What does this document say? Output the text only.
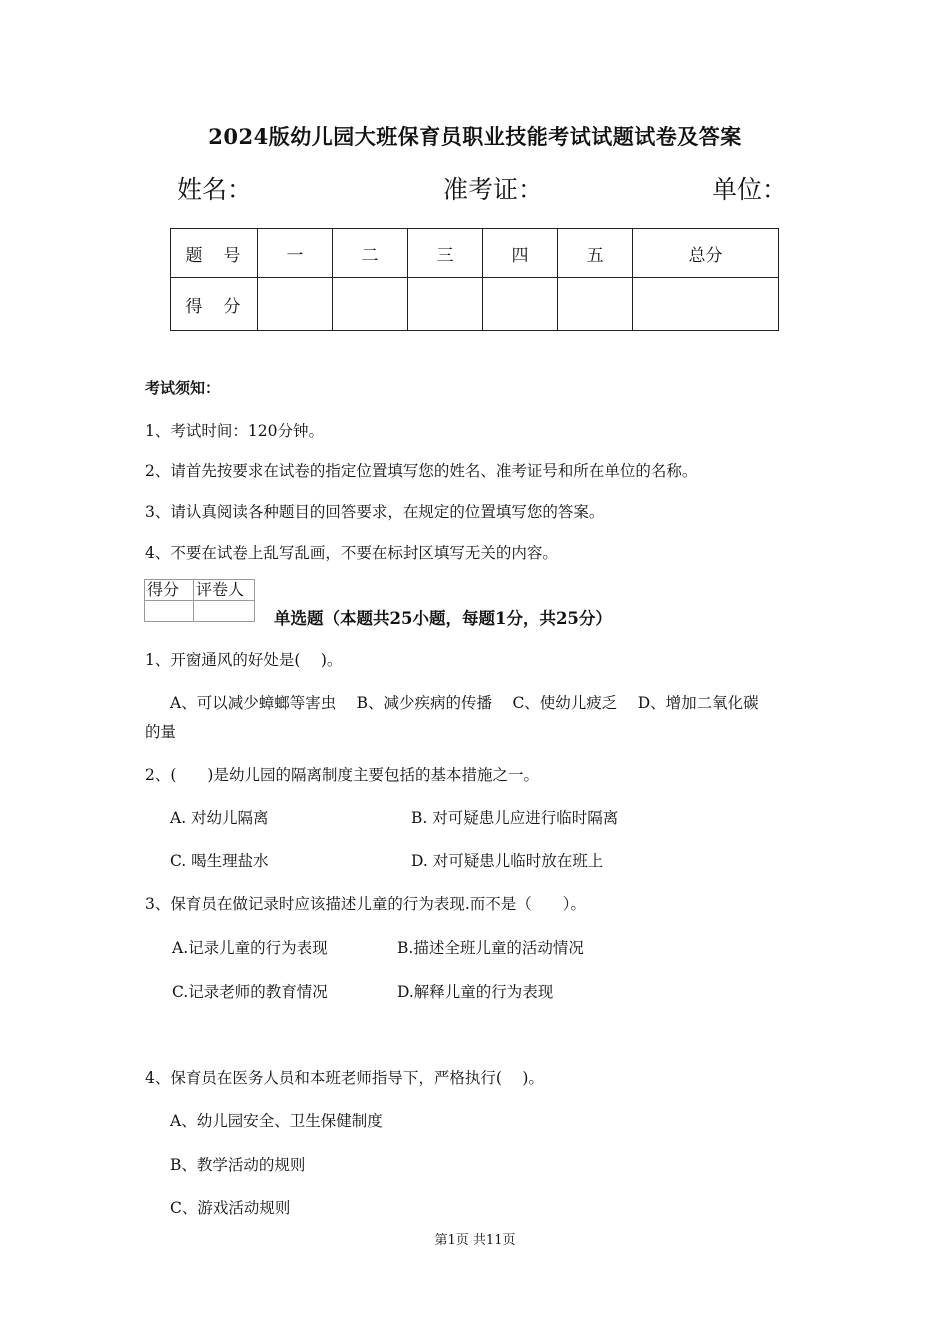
2024版幼儿园大班保育员职业技能考试试题试卷及答案
姓名：	准考证：	单位：
题　号	一	二	三	四	五	总分
得　分						
考试须知：
1、考试时间：120分钟。
2、请首先按要求在试卷的指定位置填写您的姓名、准考证号和所在单位的名称。
3、请认真阅读各种题目的回答要求，在规定的位置填写您的答案。
4、不要在试卷上乱写乱画，不要在标封区填写无关的内容。
得分	评卷人

单选题（本题共25小题，每题1分，共25分）
1、开窗通风的好处是(　 )。
A、可以减少蟑螂等害虫　 B、减少疾病的传播　 C、使幼儿疲乏　 D、增加二氧化碳
的量
2、(　　)是幼儿园的隔离制度主要包括的基本措施之一。
A. 对幼儿隔离	B. 对可疑患儿应进行临时隔离
C. 喝生理盐水	D. 对可疑患儿临时放在班上
3、保育员在做记录时应该描述儿童的行为表现.而不是（　　）。
A.记录儿童的行为表现	B.描述全班儿童的活动情况
C.记录老师的教育情况	D.解释儿童的行为表现
4、保育员在医务人员和本班老师指导下，严格执行(　 )。
A、幼儿园安全、卫生保健制度
B、教学活动的规则
C、游戏活动规则
第1页 共11页
